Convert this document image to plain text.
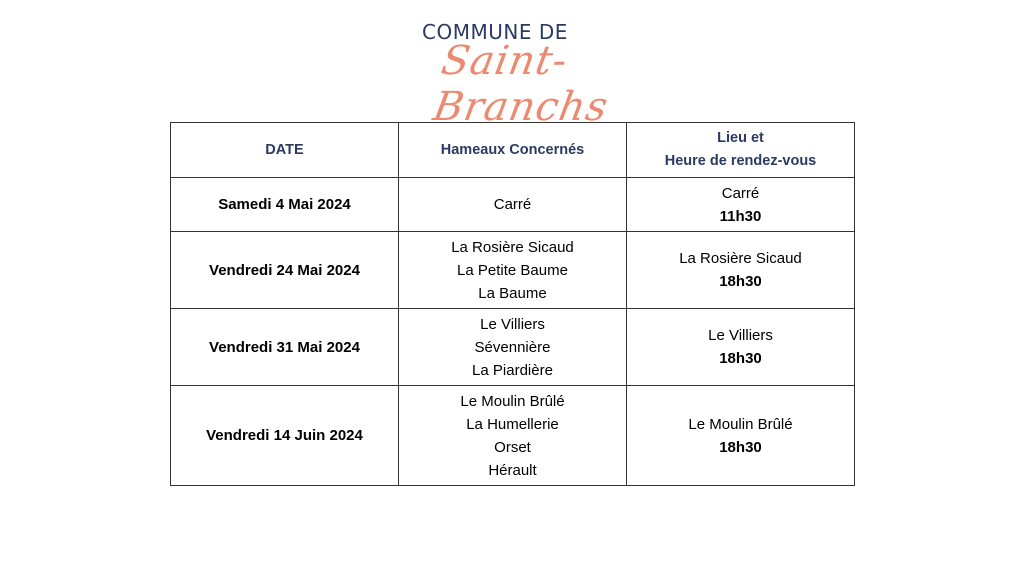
COMMUNE DE
Saint-Branchs
DATE	Hameaux Concernés	Lieu et
Heure de rendez-vous

Samedi 4 Mai 2024	Carré	Carré
11h30

Vendredi 24 Mai 2024	La Rosière Sicaud
La Petite Baume
La Baume	La Rosière Sicaud
18h30

Vendredi 31 Mai 2024	Le Villiers
Sévennière
La Piardière	Le Villiers
18h30

Vendredi 14 Juin 2024	Le Moulin Brûlé
La Humellerie
Orset
Hérault	Le Moulin Brûlé
18h30
